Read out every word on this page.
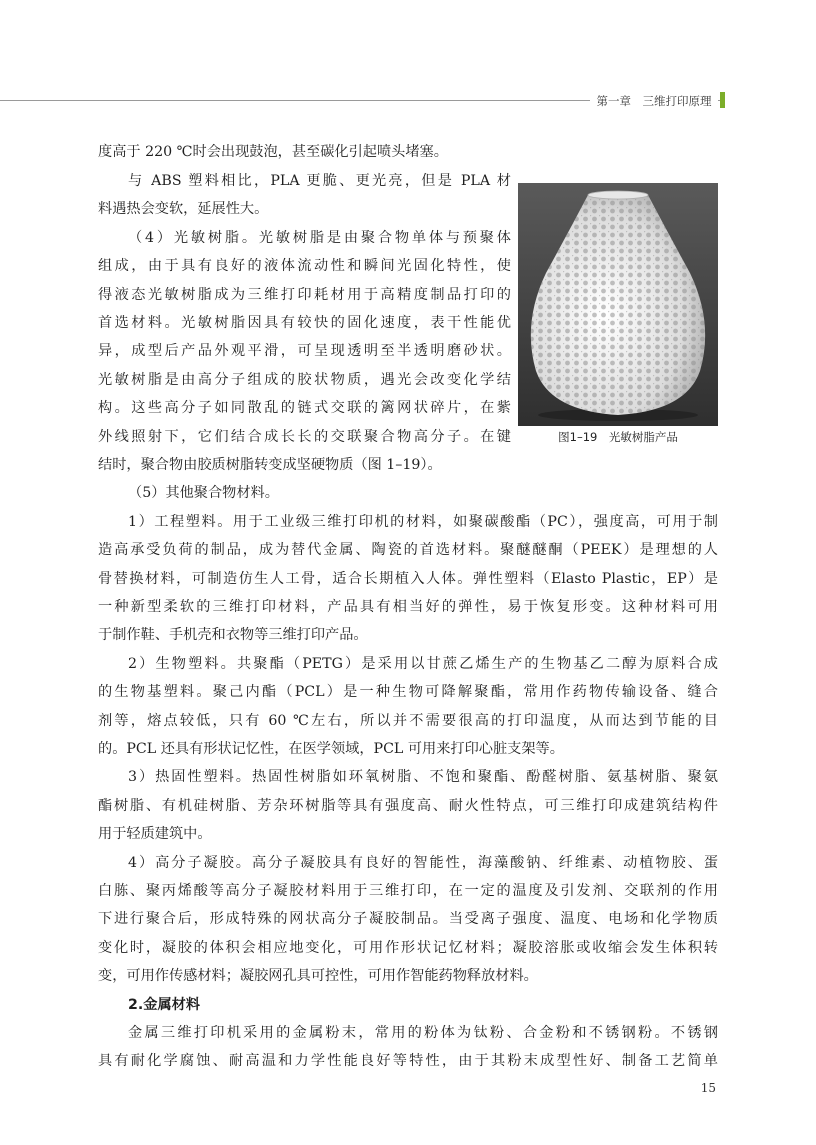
第一章　三维打印原理
度高于 220 ℃时会出现鼓泡，甚至碳化引起喷头堵塞。
与 ABS 塑料相比，PLA 更脆、更光亮，但是 PLA 材
料遇热会变软，延展性大。
（4）光敏树脂。光敏树脂是由聚合物单体与预聚体
组成，由于具有良好的液体流动性和瞬间光固化特性，使
得液态光敏树脂成为三维打印耗材用于高精度制品打印的
首选材料。光敏树脂因具有较快的固化速度，表干性能优
异，成型后产品外观平滑，可呈现透明至半透明磨砂状。
光敏树脂是由高分子组成的胶状物质，遇光会改变化学结
构。这些高分子如同散乱的链式交联的篱网状碎片，在紫
外线照射下，它们结合成长长的交联聚合物高分子。在键
结时，聚合物由胶质树脂转变成坚硬物质（图 1–19）。
（5）其他聚合物材料。
1）工程塑料。用于工业级三维打印机的材料，如聚碳酸酯（PC），强度高，可用于制
造高承受负荷的制品，成为替代金属、陶瓷的首选材料。聚醚醚酮（PEEK）是理想的人
骨替换材料，可制造仿生人工骨，适合长期植入人体。弹性塑料（Elasto Plastic，EP）是
一种新型柔软的三维打印材料，产品具有相当好的弹性，易于恢复形变。这种材料可用
于制作鞋、手机壳和衣物等三维打印产品。
2）生物塑料。共聚酯（PETG）是采用以甘蔗乙烯生产的生物基乙二醇为原料合成
的生物基塑料。聚己内酯（PCL）是一种生物可降解聚酯，常用作药物传输设备、缝合
剂等，熔点较低，只有 60 ℃左右，所以并不需要很高的打印温度，从而达到节能的目
的。PCL 还具有形状记忆性，在医学领域，PCL 可用来打印心脏支架等。
3）热固性塑料。热固性树脂如环氧树脂、不饱和聚酯、酚醛树脂、氨基树脂、聚氨
酯树脂、有机硅树脂、芳杂环树脂等具有强度高、耐火性特点，可三维打印成建筑结构件
用于轻质建筑中。
4）高分子凝胶。高分子凝胶具有良好的智能性，海藻酸钠、纤维素、动植物胶、蛋
白胨、聚丙烯酸等高分子凝胶材料用于三维打印，在一定的温度及引发剂、交联剂的作用
下进行聚合后，形成特殊的网状高分子凝胶制品。当受离子强度、温度、电场和化学物质
变化时，凝胶的体积会相应地变化，可用作形状记忆材料；凝胶溶胀或收缩会发生体积转
变，可用作传感材料；凝胶网孔具可控性，可用作智能药物释放材料。
2.金属材料
金属三维打印机采用的金属粉末，常用的粉体为钛粉、合金粉和不锈钢粉。不锈钢
具有耐化学腐蚀、耐高温和力学性能良好等特性，由于其粉末成型性好、制备工艺简单
图1–19　光敏树脂产品
15
